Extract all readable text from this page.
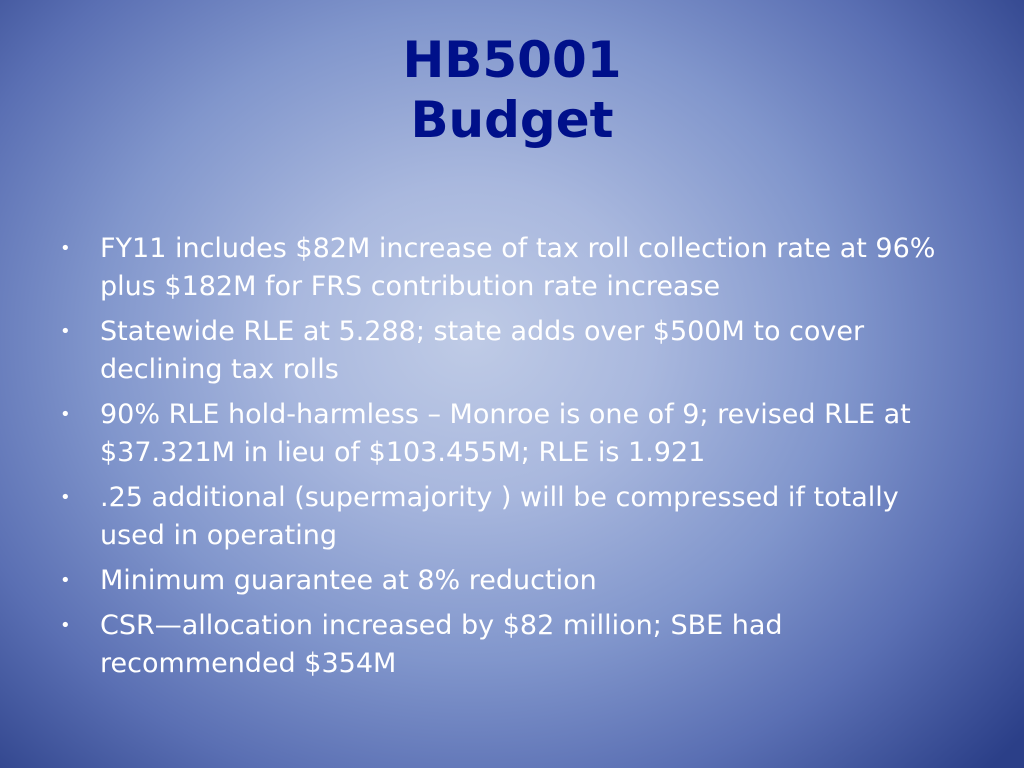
HB5001
Budget
• FY11 includes $82M increase of tax roll collection rate at 96% plus $182M for FRS contribution rate increase
• Statewide RLE at 5.288; state adds over $500M to cover declining tax rolls
• 90% RLE hold-harmless – Monroe is one of 9; revised RLE at $37.321M in lieu of $103.455M; RLE is 1.921
• .25 additional (supermajority ) will be compressed if totally used in operating
• Minimum guarantee at 8% reduction
• CSR—allocation increased by $82 million; SBE had recommended $354M
